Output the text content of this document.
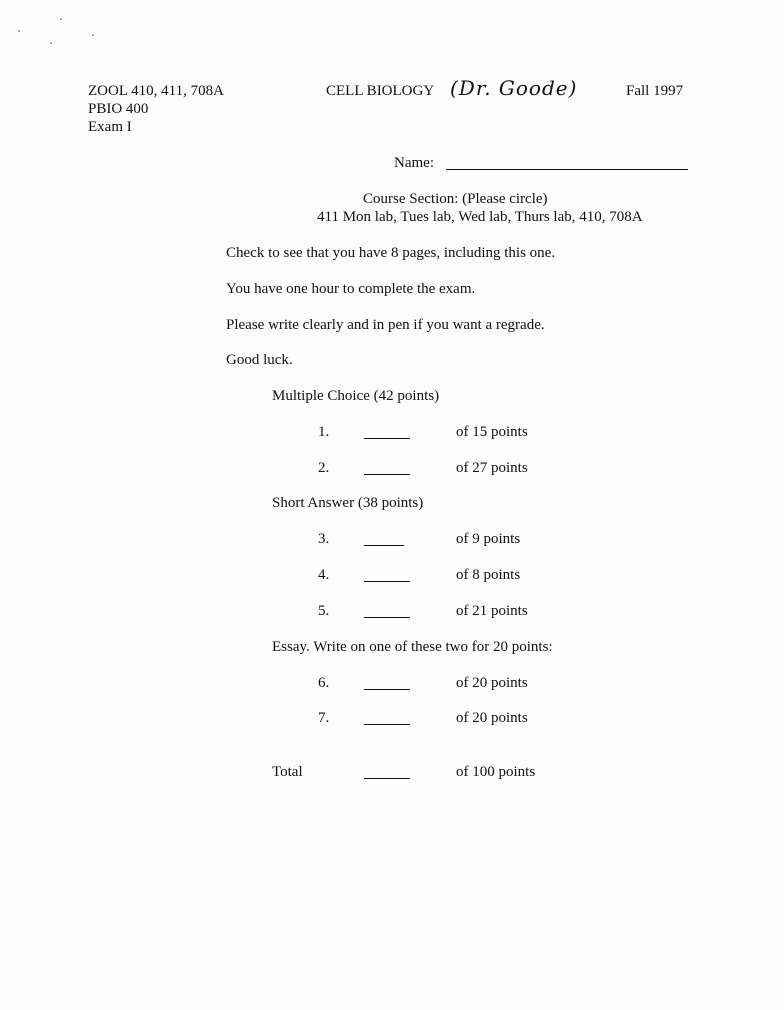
ZOOL 410, 411, 708A
PBIO 400
Exam I
CELL BIOLOGY (Dr. Goode)	Fall 1997
Name:
Course Section: (Please circle)
411 Mon lab, Tues lab, Wed lab, Thurs lab, 410, 708A
Check to see that you have 8 pages, including this one.
You have one hour to complete the exam.
Please write clearly and in pen if you want a regrade.
Good luck.
Multiple Choice (42 points)
1.	of 15 points
2.	of 27 points
Short Answer (38 points)
3.	of 9 points
4.	of 8 points
5.	of 21 points
Essay. Write on one of these two for 20 points:
6.	of 20 points
7.	of 20 points
Total	of 100 points
